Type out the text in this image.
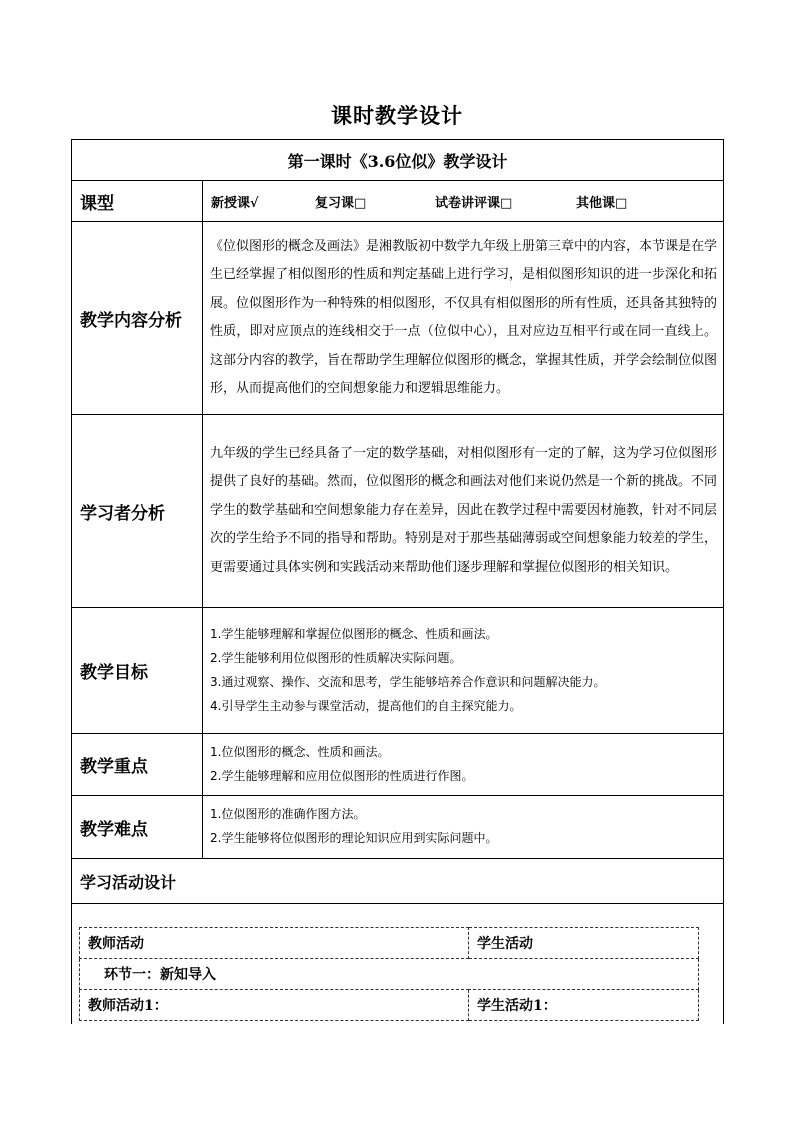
课时教学设计
第一课时《3.6位似》教学设计	
课型	新授课√ 复习课□ 试卷讲评课□ 其他课□
教学内容分析	《位似图形的概念及画法》是湘教版初中数学九年级上册第三章中的内容，本节课是在学生已经掌握了相似图形的性质和判定基础上进行学习，是相似图形知识的进一步深化和拓展。位似图形作为一种特殊的相似图形，不仅具有相似图形的所有性质，还具备其独特的性质，即对应顶点的连线相交于一点（位似中心），且对应边互相平行或在同一直线上。这部分内容的教学，旨在帮助学生理解位似图形的概念，掌握其性质，并学会绘制位似图形，从而提高他们的空间想象能力和逻辑思维能力。
学习者分析	九年级的学生已经具备了一定的数学基础，对相似图形有一定的了解，这为学习位似图形提供了良好的基础。然而，位似图形的概念和画法对他们来说仍然是一个新的挑战。不同学生的数学基础和空间想象能力存在差异，因此在教学过程中需要因材施教，针对不同层次的学生给予不同的指导和帮助。特别是对于那些基础薄弱或空间想象能力较差的学生，更需要通过具体实例和实践活动来帮助他们逐步理解和掌握位似图形的相关知识。
教学目标	1.学生能够理解和掌握位似图形的概念、性质和画法。
2.学生能够利用位似图形的性质解决实际问题。
3.通过观察、操作、交流和思考，学生能够培养合作意识和问题解决能力。
4.引导学生主动参与课堂活动，提高他们的自主探究能力。

教学重点	1.位似图形的概念、性质和画法。
2.学生能够理解和应用位似图形的性质进行作图。

教学难点	1.位似图形的准确作图方法。
2.学生能够将位似图形的理论知识应用到实际问题中。

学习活动设计	

教师活动	学生活动
环节一：新知导入	
教师活动1：	学生活动1：
